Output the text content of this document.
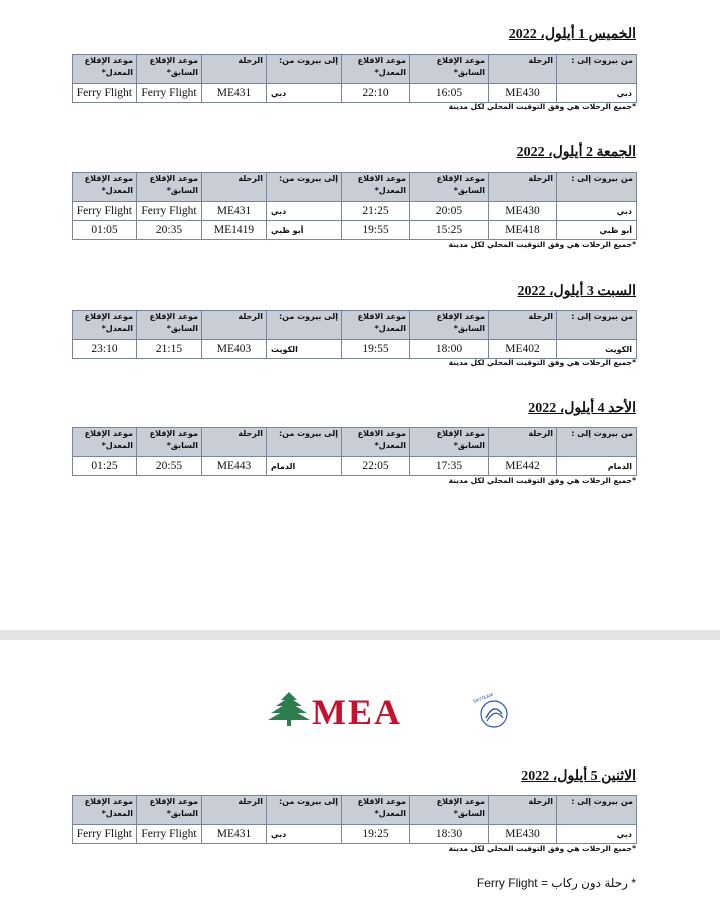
الخميس 1 أيلول، 2022
من بيروت إلى :	الرحلة	موعد الإقلاع السابق*	موعد الاقلاع المعدل*	إلى بيروت من:	الرحلة	موعد الإقلاع السابق*	موعد الإقلاع المعدل*
دبي	ME430	16:05	22:10	دبي	ME431	Ferry Flight	Ferry Flight
*جميع الرحلات هي وفق التوقيت المحلي لكل مدينة
الجمعة 2 أيلول، 2022
من بيروت إلى :	الرحلة	موعد الإقلاع السابق*	موعد الاقلاع المعدل*	إلى بيروت من:	الرحلة	موعد الإقلاع السابق*	موعد الإقلاع المعدل*
دبي	ME430	20:05	21:25	دبي	ME431	Ferry Flight	Ferry Flight
أبو ظبي	ME418	15:25	19:55	أبو ظبي	ME1419	20:35	01:05
*جميع الرحلات هي وفق التوقيت المحلي لكل مدينة
السبت 3 أيلول، 2022
من بيروت إلى :	الرحلة	موعد الإقلاع السابق*	موعد الاقلاع المعدل*	إلى بيروت من:	الرحلة	موعد الإقلاع السابق*	موعد الإقلاع المعدل*
الكويت	ME402	18:00	19:55	الكويت	ME403	21:15	23:10
*جميع الرحلات هي وفق التوقيت المحلي لكل مدينة
الأحد 4 أيلول، 2022
من بيروت إلى :	الرحلة	موعد الإقلاع السابق*	موعد الاقلاع المعدل*	إلى بيروت من:	الرحلة	موعد الإقلاع السابق*	موعد الإقلاع المعدل*
الدمام	ME442	17:35	22:05	الدمام	ME443	20:55	01:25
*جميع الرحلات هي وفق التوقيت المحلي لكل مدينة
MEA	SKYTEAM
الاثنين 5 أيلول، 2022
من بيروت إلى :	الرحلة	موعد الإقلاع السابق*	موعد الاقلاع المعدل*	إلى بيروت من:	الرحلة	موعد الإقلاع السابق*	موعد الإقلاع المعدل*
دبي	ME430	18:30	19:25	دبي	ME431	Ferry Flight	Ferry Flight
*جميع الرحلات هي وفق التوقيت المحلي لكل مدينة
* رحلة دون ركاب = Ferry Flight
